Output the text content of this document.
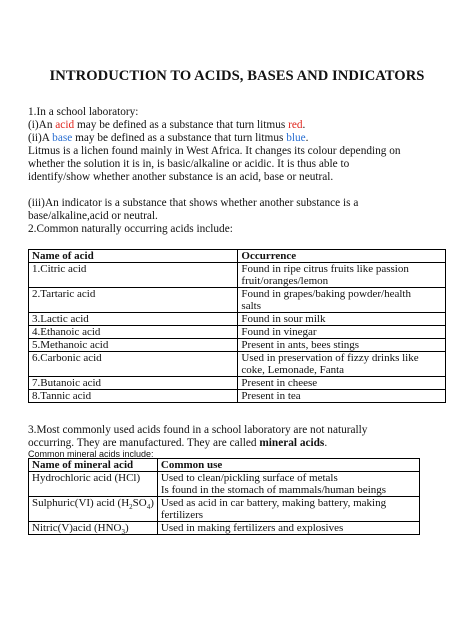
INTRODUCTION TO ACIDS, BASES AND INDICATORS
1.In a school laboratory:
(i)An acid may be defined as a substance that turn litmus red.
(ii)A base may be defined as a substance that turn litmus blue.
Litmus is a lichen found mainly in West Africa. It changes its colour depending on
whether the solution it is in, is basic/alkaline or acidic. It is thus able to
identify/show whether another substance is an acid, base or neutral.
(iii)An indicator is a substance that shows whether another substance is a
base/alkaline,acid or neutral.
2.Common naturally occurring acids include:
Name of acid	Occurrence
1.Citric acid	Found in ripe citrus fruits like passion
fruit/oranges/lemon

2.Tartaric acid	Found in grapes/baking powder/health
salts

3.Lactic acid	Found in sour milk
4.Ethanoic acid	Found in vinegar
5.Methanoic acid	Present in ants, bees stings
6.Carbonic acid	Used in preservation of fizzy drinks like
coke, Lemonade, Fanta

7.Butanoic acid	Present in cheese
8.Tannic acid	Present in tea
3.Most commonly used acids found in a school laboratory are not naturally
occurring. They are manufactured. They are called mineral acids.
Common mineral acids include:
Name of mineral acid	Common use
Hydrochloric acid (HCl)	Used to clean/pickling surface of metals
Is found in the stomach of mammals/human beings

Sulphuric(VI) acid $(H_2SO_4)$	Used as acid in car battery, making battery, making
fertilizers

Nitric(V)acid $(HNO_3)$	Used in making fertilizers and explosives
